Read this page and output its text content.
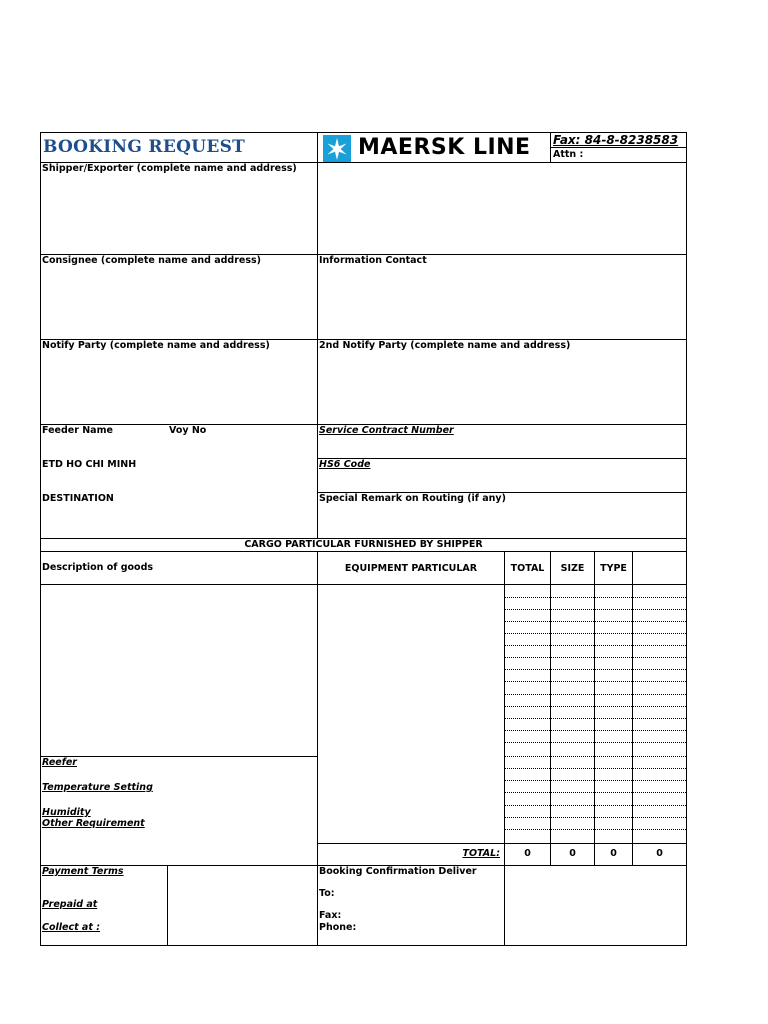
BOOKING REQUEST	MAERSK LINE Fax: 84-8-8238583
Attn :
Shipper/Exporter (complete name and address)
Consignee (complete name and address)	Information Contact
Notify Party (complete name and address)	2nd Notify Party (complete name and address)
Feeder Name	Voy No	Service Contract Number
ETD HO CHI MINH	HS6 Code
DESTINATION	Special Remark on Routing (if any)
CARGO PARTICULAR FURNISHED BY SHIPPER
Description of goods	EQUIPMENT PARTICULAR	TOTAL	SIZE	TYPE
Reefer
Temperature Setting
Humidity
Other Requirement
TOTAL:	0	0	0	0
Payment Terms
Prepaid at
Collect at :
Booking Confirmation Deliver
To:
Fax:
Phone:
